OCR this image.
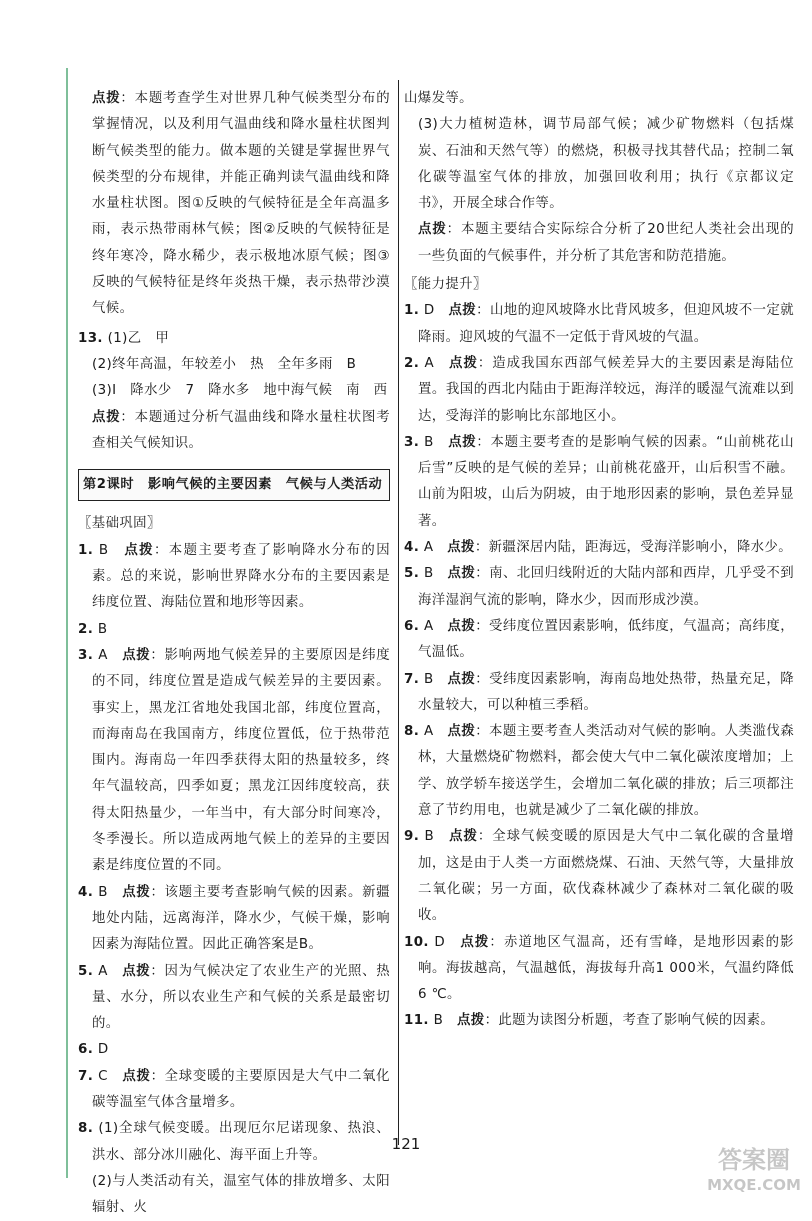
点拨：本题考查学生对世界几种气候类型分布的掌握情况，以及利用气温曲线和降水量柱状图判断气候类型的能力。做本题的关键是掌握世界气候类型的分布规律，并能正确判读气温曲线和降水量柱状图。图①反映的气候特征是全年高温多雨，表示热带雨林气候；图②反映的气候特征是终年寒冷，降水稀少，表示极地冰原气候；图③反映的气候特征是终年炎热干燥，表示热带沙漠气候。

13. (1)乙　甲

(2)终年高温，年较差小　热　全年多雨　B

(3)Ⅰ　降水少　7　降水多　地中海气候　南　西

点拨：本题通过分析气温曲线和降水量柱状图考查相关气候知识。

第2课时　影响气候的主要因素　气候与人类活动

〖基础巩固〗

1. B　点拨：本题主要考查了影响降水分布的因素。总的来说，影响世界降水分布的主要因素是纬度位置、海陆位置和地形等因素。

2. B

3. A　点拨：影响两地气候差异的主要原因是纬度的不同，纬度位置是造成气候差异的主要因素。事实上，黑龙江省地处我国北部，纬度位置高，而海南岛在我国南方，纬度位置低，位于热带范围内。海南岛一年四季获得太阳的热量较多，终年气温较高，四季如夏；黑龙江因纬度较高，获得太阳热量少，一年当中，有大部分时间寒冷，冬季漫长。所以造成两地气候上的差异的主要因素是纬度位置的不同。

4. B　点拨：该题主要考查影响气候的因素。新疆地处内陆，远离海洋，降水少，气候干燥，影响因素为海陆位置。因此正确答案是B。

5. A　点拨：因为气候决定了农业生产的光照、热量、水分，所以农业生产和气候的关系是最密切的。

6. D

7. C　点拨：全球变暖的主要原因是大气中二氧化碳等温室气体含量增多。

8. (1)全球气候变暖。出现厄尔尼诺现象、热浪、洪水、部分冰川融化、海平面上升等。

(2)与人类活动有关，温室气体的排放增多、太阳辐射、火

山爆发等。

(3)大力植树造林，调节局部气候；减少矿物燃料（包括煤炭、石油和天然气等）的燃烧，积极寻找其替代品；控制二氧化碳等温室气体的排放，加强回收利用；执行《京都议定书》，开展全球合作等。

点拨：本题主要结合实际综合分析了20世纪人类社会出现的一些负面的气候事件，并分析了其危害和防范措施。

〖能力提升〗

1. D　点拨：山地的迎风坡降水比背风坡多，但迎风坡不一定就降雨。迎风坡的气温不一定低于背风坡的气温。

2. A　点拨：造成我国东西部气候差异大的主要因素是海陆位置。我国的西北内陆由于距海洋较远，海洋的暖湿气流难以到达，受海洋的影响比东部地区小。

3. B　点拨：本题主要考查的是影响气候的因素。“山前桃花山后雪”反映的是气候的差异；山前桃花盛开，山后积雪不融。山前为阳坡，山后为阴坡，由于地形因素的影响，景色差异显著。

4. A　点拨：新疆深居内陆，距海远，受海洋影响小，降水少。

5. B　点拨：南、北回归线附近的大陆内部和西岸，几乎受不到海洋湿润气流的影响，降水少，因而形成沙漠。

6. A　点拨：受纬度位置因素影响，低纬度，气温高；高纬度，气温低。

7. B　点拨：受纬度因素影响，海南岛地处热带，热量充足，降水量较大，可以种植三季稻。

8. A　点拨：本题主要考查人类活动对气候的影响。人类滥伐森林，大量燃烧矿物燃料，都会使大气中二氧化碳浓度增加；上学、放学轿车接送学生，会增加二氧化碳的排放；后三项都注意了节约用电，也就是减少了二氧化碳的排放。

9. B　点拨：全球气候变暖的原因是大气中二氧化碳的含量增加，这是由于人类一方面燃烧煤、石油、天然气等，大量排放二氧化碳；另一方面，砍伐森林减少了森林对二氧化碳的吸收。

10. D　点拨：赤道地区气温高，还有雪峰，是地形因素的影响。海拔越高，气温越低，海拔每升高1 000米，气温约降低6 ℃。

11. B　点拨：此题为读图分析题，考查了影响气候的因素。

121
答案圈
MXQE.COM
